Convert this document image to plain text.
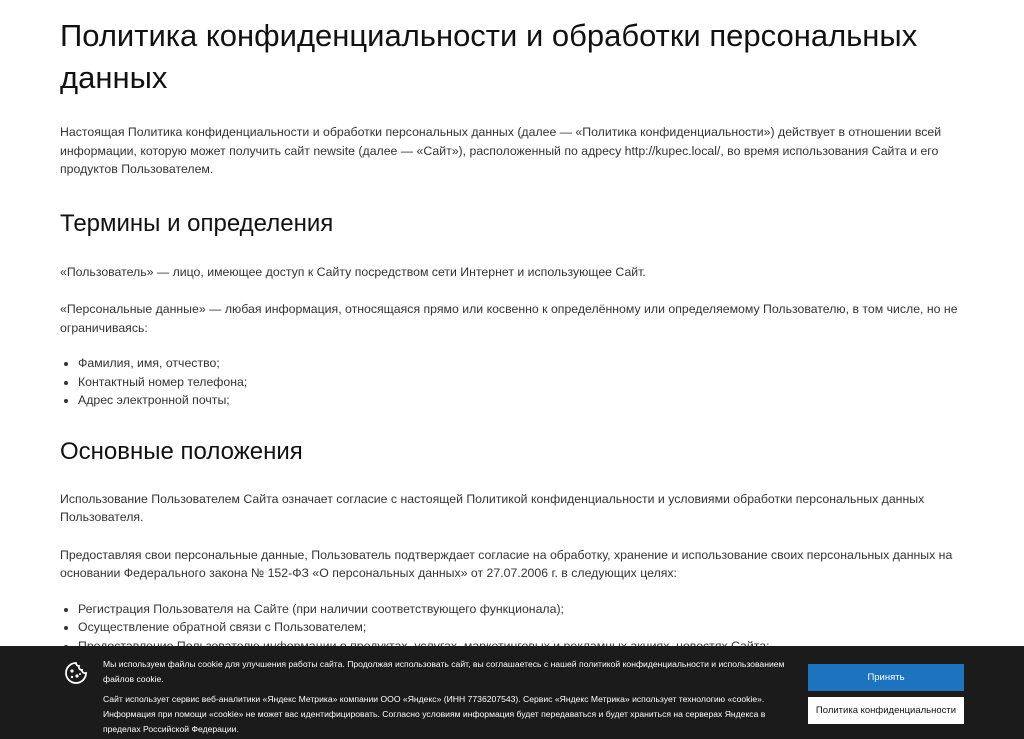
Политика конфиденциальности и обработки персональных данных

Настоящая Политика конфиденциальности и обработки персональных данных (далее — «Политика конфиденциальности») действует в отношении всей информации, которую может получить сайт newsite (далее — «Сайт»), расположенный по адресу http://kupec.local/, во время использования Сайта и его продуктов Пользователем.

Термины и определения

«Пользователь» — лицо, имеющее доступ к Сайту посредством сети Интернет и использующее Сайт.

«Персональные данные» — любая информация, относящаяся прямо или косвенно к определённому или определяемому Пользователю, в том числе, но не ограничиваясь:

• Фамилия, имя, отчество;
• Контактный номер телефона;
• Адрес электронной почты;
Основные положения

Использование Пользователем Сайта означает согласие с настоящей Политикой конфиденциальности и условиями обработки персональных данных Пользователя.

Предоставляя свои персональные данные, Пользователь подтверждает согласие на обработку, хранение и использование своих персональных данных на основании Федерального закона № 152-ФЗ «О персональных данных» от 27.07.2006 г. в следующих целях:

• Регистрация Пользователя на Сайте (при наличии соответствующего функционала);
• Осуществление обратной связи с Пользователем;
•

Мы используем файлы cookie для улучшения работы сайта. Продолжая использовать сайт, вы соглашаетесь с нашей политикой конфиденциальности и использованием файлов cookie.

Сайт использует сервис веб-аналитики «Яндекс Метрика» компании ООО «Яндекс» (ИНН 7736207543). Сервис «Яндекс Метрика» использует технологию «cookie». Информация при помощи «cookie» не может вас идентифицировать. Согласно условиям информация будет передаваться и будет храниться на серверах Яндекса в пределах Российской Федерации.

Принять
Политика конфиденциальности
